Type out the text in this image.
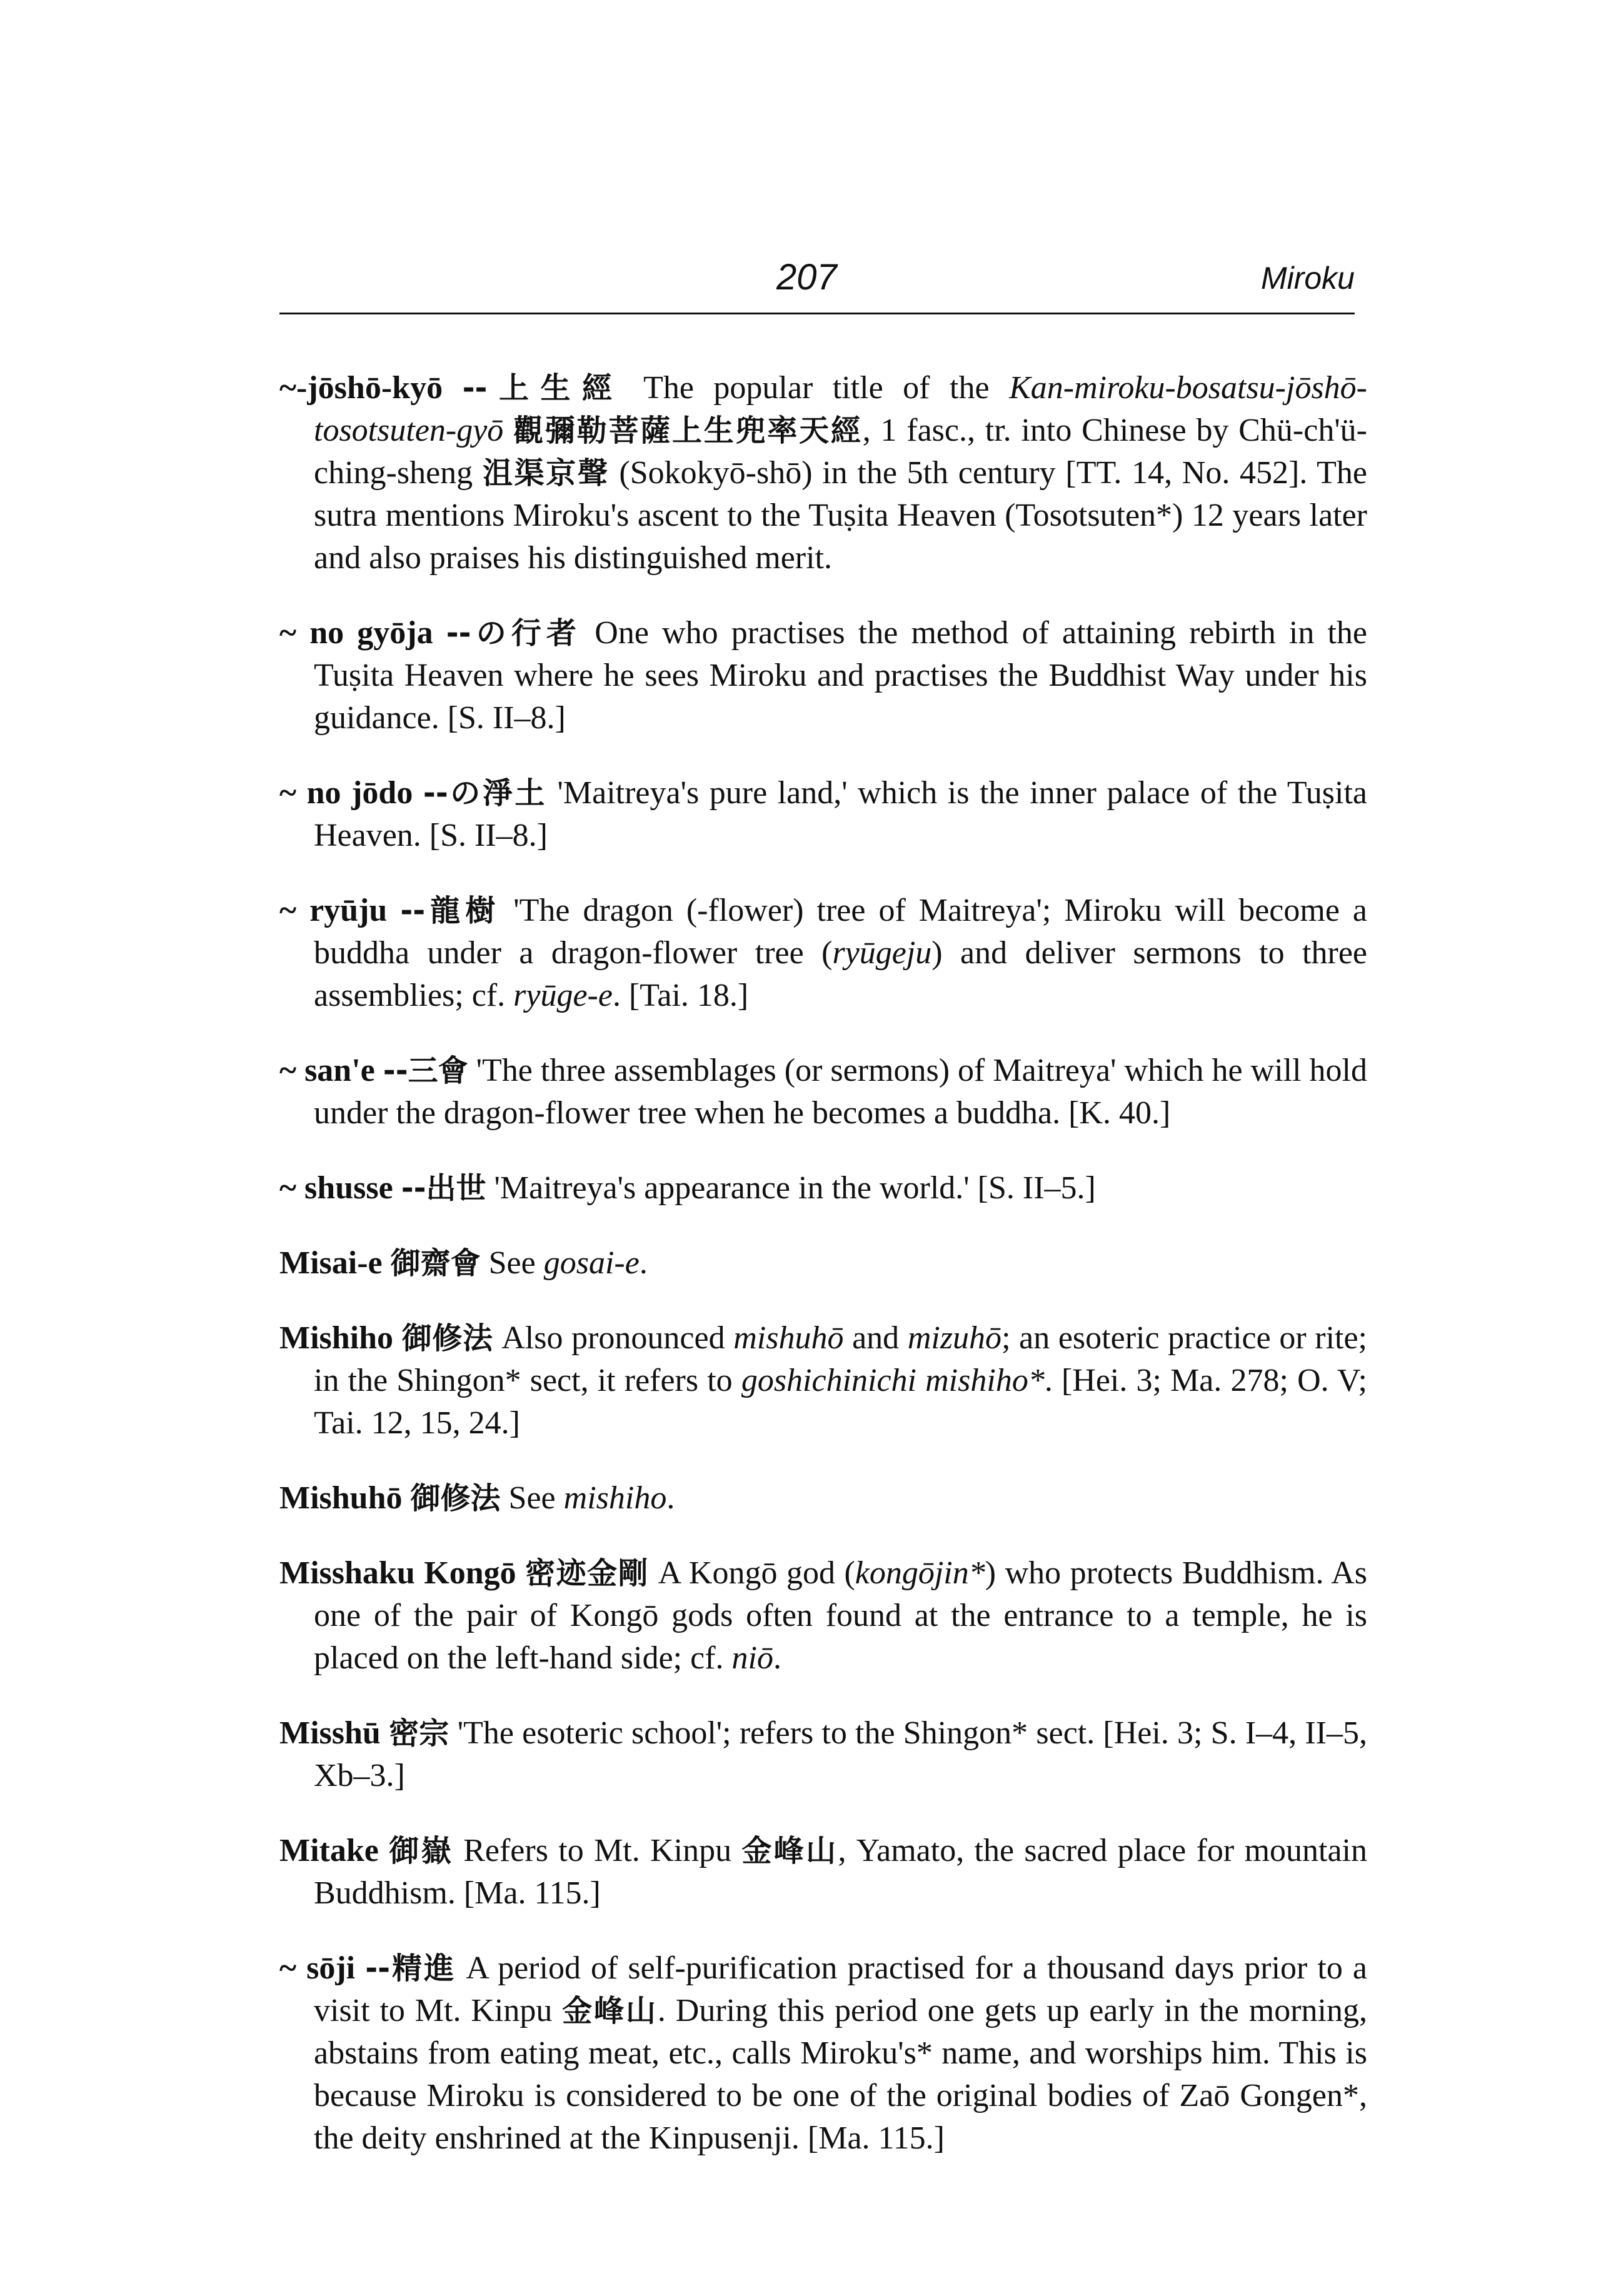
207	Miroku

~-jōshō-kyō --上生經 The popular title of the Kan-miroku-bosatsu-jōshō-tosotsuten-gyō 觀彌勒菩薩上生兜率天經, 1 fasc., tr. into Chinese by Chü-ch'ü-ching-sheng 沮渠京聲 (Sokokyō-shō) in the 5th century [TT. 14, No. 452]. The sutra mentions Miroku's ascent to the Tuṣita Heaven (Tosotsuten*) 12 years later and also praises his distinguished merit.

~ no gyōja --の行者 One who practises the method of attaining rebirth in the Tuṣita Heaven where he sees Miroku and practises the Buddhist Way under his guidance. [S. II–8.]

~ no jōdo --の淨土 'Maitreya's pure land,' which is the inner palace of the Tuṣita Heaven. [S. II–8.]

~ ryūju --龍樹 'The dragon (-flower) tree of Maitreya'; Miroku will become a buddha under a dragon-flower tree (ryūgeju) and deliver sermons to three assemblies; cf. ryūge-e. [Tai. 18.]

~ san'e --三會 'The three assemblages (or sermons) of Maitreya' which he will hold under the dragon-flower tree when he becomes a buddha. [K. 40.]

~ shusse --出世 'Maitreya's appearance in the world.' [S. II–5.]

Misai-e 御齋會 See gosai-e.

Mishiho 御修法 Also pronounced mishuhō and mizuhō; an esoteric practice or rite; in the Shingon* sect, it refers to goshichinichi mishiho*. [Hei. 3; Ma. 278; O. V; Tai. 12, 15, 24.]

Mishuhō 御修法 See mishiho.

Misshaku Kongō 密迹金剛 A Kongō god (kongōjin*) who protects Buddhism. As one of the pair of Kongō gods often found at the entrance to a temple, he is placed on the left-hand side; cf. niō.

Misshū 密宗 'The esoteric school'; refers to the Shingon* sect. [Hei. 3; S. I–4, II–5, Xb–3.]

Mitake 御嶽 Refers to Mt. Kinpu 金峰山, Yamato, the sacred place for mountain Buddhism. [Ma. 115.]

~ sōji --精進 A period of self-purification practised for a thousand days prior to a visit to Mt. Kinpu 金峰山. During this period one gets up early in the morning, abstains from eating meat, etc., calls Miroku's* name, and worships him. This is because Miroku is considered to be one of the original bodies of Zaō Gongen*, the deity enshrined at the Kinpusenji. [Ma. 115.]
